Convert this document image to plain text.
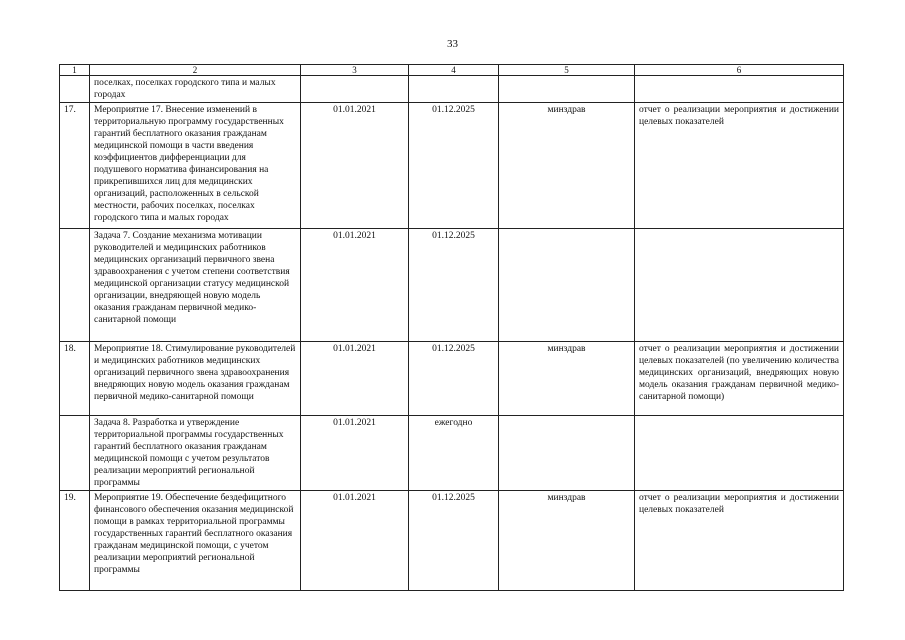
33
1	2	3	4	5	6
	поселках, поселках городского типа и малых городах				
17.	Мероприятие 17. Внесение изменений в территориальную программу государственных гарантий бесплатного оказания гражданам медицинской помощи в части введения коэффициентов дифференциации для подушевого норматива финансирования на прикрепившихся лиц для медицинских организаций, расположенных в сельской местности, рабочих поселках, поселках городского типа и малых городах	01.01.2021	01.12.2025	минздрав	отчет о реализации мероприятия и достижении целевых показателей
	Задача 7. Создание механизма мотивации руководителей и медицинских работников медицинских организаций первичного звена здравоохранения с учетом степени соответствия медицинской организации статусу медицинской организации, внедряющей новую модель оказания гражданам первичной медико-санитарной помощи	01.01.2021	01.12.2025		
18.	Мероприятие 18. Стимулирование руководителей и медицинских работников медицинских организаций первичного звена здравоохранения внедряющих новую модель оказания гражданам первичной медико-санитарной помощи	01.01.2021	01.12.2025	минздрав	отчет о реализации мероприятия и достижении целевых показателей (по увеличению количества медицинских организаций, внедряющих новую модель оказания гражданам первичной медико-санитарной помощи)
	Задача 8. Разработка и утверждение территориальной программы государственных гарантий бесплатного оказания гражданам медицинской помощи с учетом результатов реализации мероприятий региональной программы	01.01.2021	ежегодно		
19.	Мероприятие 19. Обеспечение бездефицитного финансового обеспечения оказания медицинской помощи в рамках территориальной программы государственных гарантий бесплатного оказания гражданам медицинской помощи, с учетом реализации мероприятий региональной программы	01.01.2021	01.12.2025	минздрав	отчет о реализации мероприятия и достижении целевых показателей
